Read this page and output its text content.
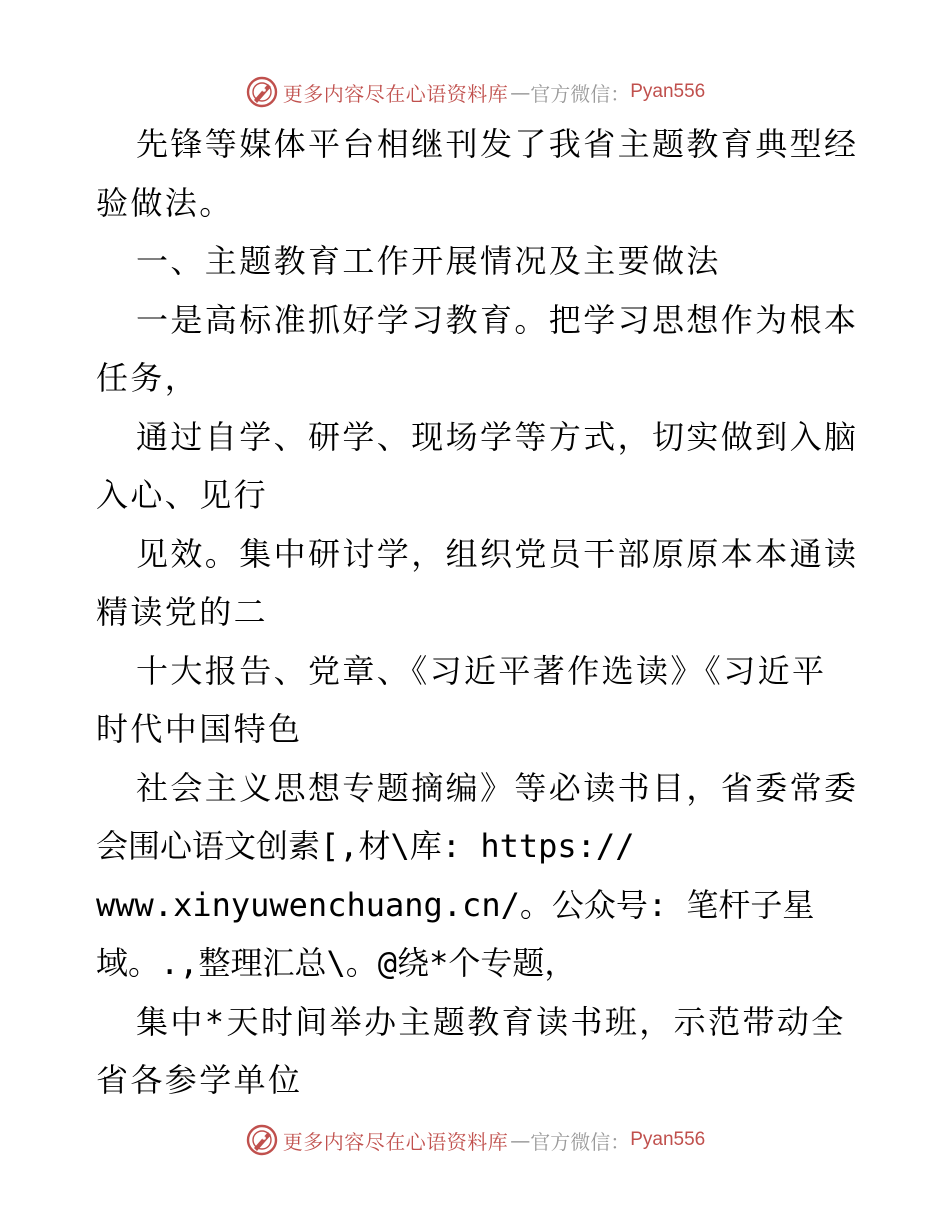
更多内容尽在心语资料库 — 官方微信： Pyan556
先锋等媒体平台相继刊发了我省主题教育典型经
验做法。
一、主题教育工作开展情况及主要做法
一是高标准抓好学习教育。把学习思想作为根本
任务，
通过自学、研学、现场学等方式，切实做到入脑
入心、见行
见效。集中研讨学，组织党员干部原原本本通读
精读党的二
十大报告、党章、《习近平著作选读》《习近平
时代中国特色
社会主义思想专题摘编》等必读书目，省委常委
会围心语文创素[,材\库: https://
www.xinyuwenchuang.cn/。公众号: 笔杆子星
域。.,整理汇总\。@绕*个专题，
集中*天时间举办主题教育读书班，示范带动全
省各参学单位
更多内容尽在心语资料库 — 官方微信： Pyan556
